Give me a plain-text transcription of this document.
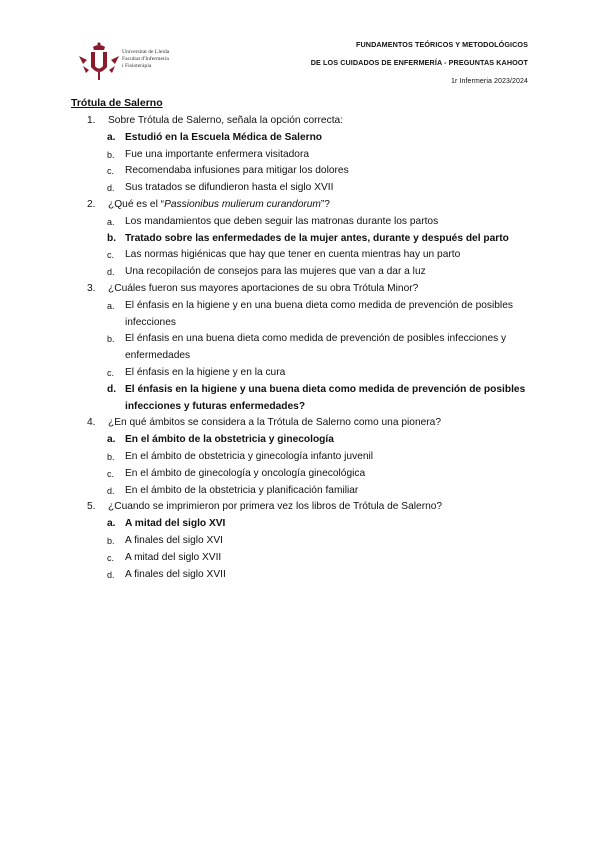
Universitat de Lleida
Facultat d'Infermeria
i Fisioteràpia
FUNDAMENTOS TEÓRICOS Y METODOLÓGICOS
DE LOS CUIDADOS DE ENFERMERÍA - PREGUNTAS KAHOOT
1r Infermeria 2023/2024
Trótula de Salerno
1.	Sobre Trótula de Salerno, señala la opción correcta:
a. Estudió en la Escuela Médica de Salerno
b. Fue una importante enfermera visitadora
c. Recomendaba infusiones para mitigar los dolores
d. Sus tratados se difundieron hasta el siglo XVII
2.	¿Qué es el “Passionibus mulierum curandorum”?
a. Los mandamientos que deben seguir las matronas durante los partos
b. Tratado sobre las enfermedades de la mujer antes, durante y después del parto
c. Las normas higiénicas que hay que tener en cuenta mientras hay un parto
d. Una recopilación de consejos para las mujeres que van a dar a luz
3.	¿Cuáles fueron sus mayores aportaciones de su obra Trótula Minor?
a. El énfasis en la higiene y en una buena dieta como medida de prevención de posibles infecciones
b. El énfasis en una buena dieta como medida de prevención de posibles infecciones y enfermedades
c. El énfasis en la higiene y en la cura
d. El énfasis en la higiene y una buena dieta como medida de prevención de posibles infecciones y futuras enfermedades?
4.	¿En qué ámbitos se considera a la Trótula de Salerno como una pionera?
a. En el ámbito de la obstetricia y ginecología
b. En el ámbito de obstetricia y ginecología infanto juvenil
c. En el ámbito de ginecología y oncología ginecológica
d. En el ámbito de la obstetricia y planificación familiar
5.	¿Cuando se imprimieron por primera vez los libros de Trótula de Salerno?
a. A mitad del siglo XVI
b. A finales del siglo XVI
c. A mitad del siglo XVII
d. A finales del siglo XVII
